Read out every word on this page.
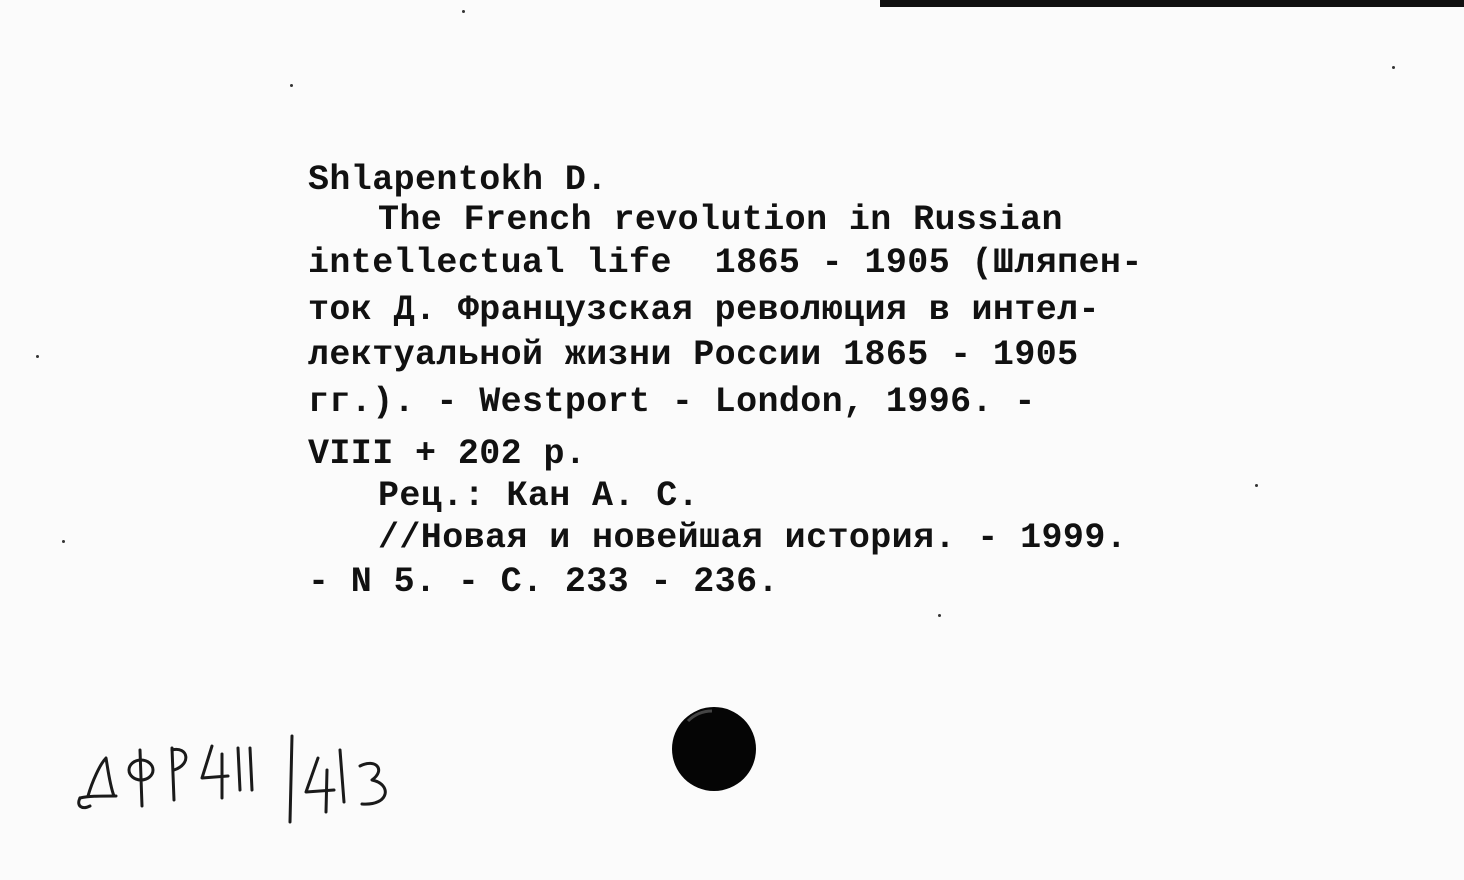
Shlapentokh D.

The French revolution in Russian

intellectual life  1865 - 1905 (Шляпен-

ток Д. Французская революция в интел-

лектуальной жизни России 1865 - 1905

гг.). - Westport - London, 1996. -

VIII + 202 p.

Рец.: Кан А. С.

//Новая и новейшая история. - 1999.

- N 5. - С. 233 - 236.
